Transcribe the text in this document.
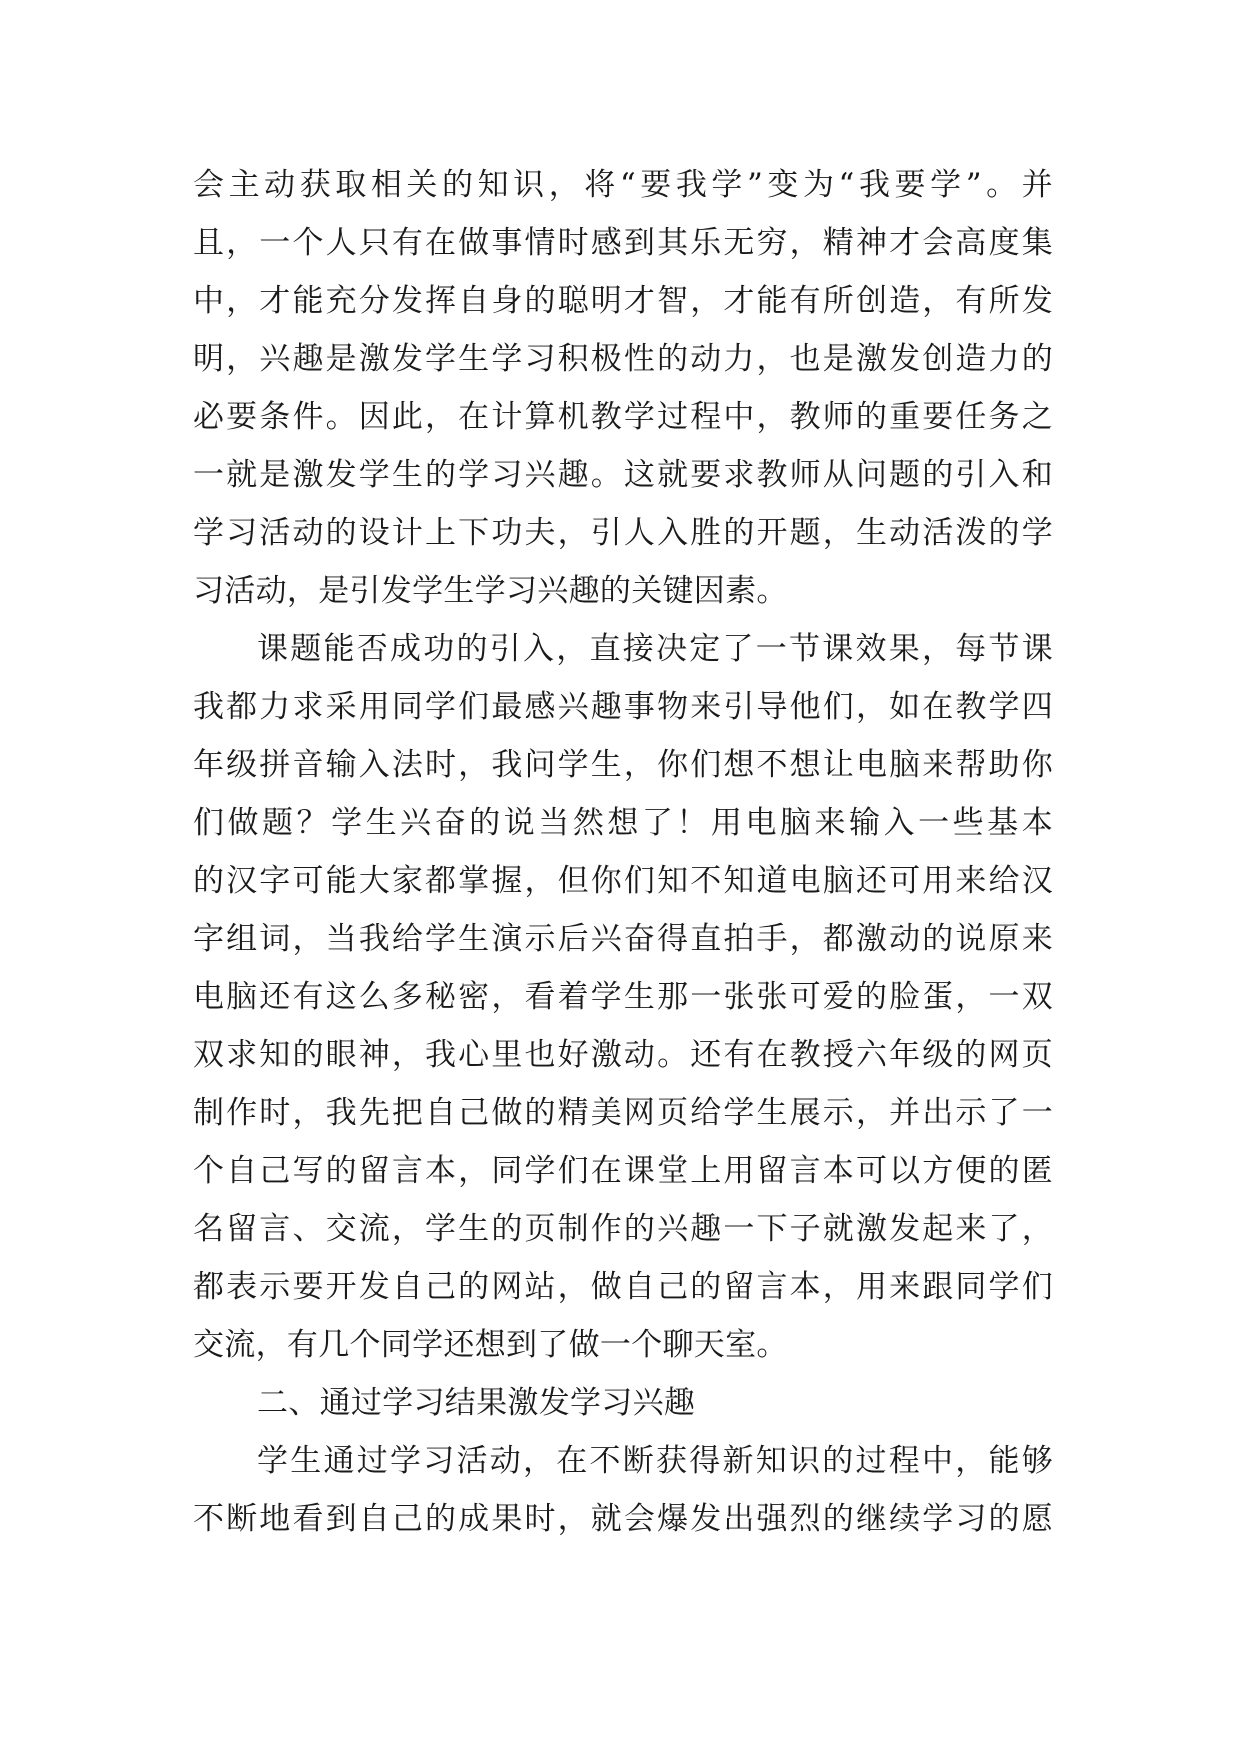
会主动获取相关的知识，将“要我学”变为“我要学”。并
且，一个人只有在做事情时感到其乐无穷，精神才会高度集
中，才能充分发挥自身的聪明才智，才能有所创造，有所发
明，兴趣是激发学生学习积极性的动力，也是激发创造力的
必要条件。因此，在计算机教学过程中，教师的重要任务之
一就是激发学生的学习兴趣。这就要求教师从问题的引入和
学习活动的设计上下功夫，引人入胜的开题，生动活泼的学
习活动，是引发学生学习兴趣的关键因素。
课题能否成功的引入，直接决定了一节课效果，每节课
我都力求采用同学们最感兴趣事物来引导他们，如在教学四
年级拼音输入法时，我问学生，你们想不想让电脑来帮助你
们做题？学生兴奋的说当然想了！用电脑来输入一些基本
的汉字可能大家都掌握，但你们知不知道电脑还可用来给汉
字组词，当我给学生演示后兴奋得直拍手，都激动的说原来
电脑还有这么多秘密，看着学生那一张张可爱的脸蛋，一双
双求知的眼神，我心里也好激动。还有在教授六年级的网页
制作时，我先把自己做的精美网页给学生展示，并出示了一
个自己写的留言本，同学们在课堂上用留言本可以方便的匿
名留言、交流，学生的页制作的兴趣一下子就激发起来了，
都表示要开发自己的网站，做自己的留言本，用来跟同学们
交流，有几个同学还想到了做一个聊天室。
二、通过学习结果激发学习兴趣
学生通过学习活动，在不断获得新知识的过程中，能够
不断地看到自己的成果时，就会爆发出强烈的继续学习的愿
